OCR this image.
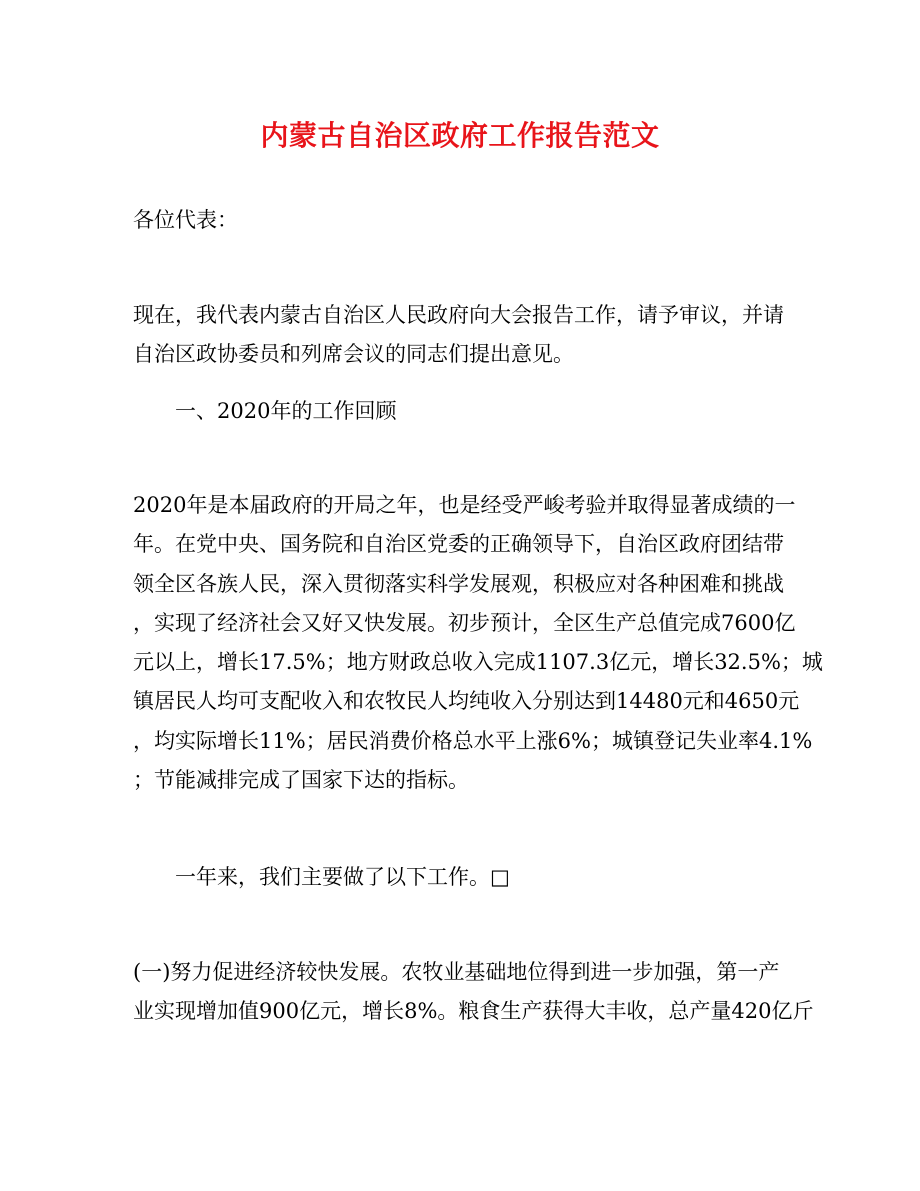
内蒙古自治区政府工作报告范文
各位代表：
现在，我代表内蒙古自治区人民政府向大会报告工作，请予审议，并请
自治区政协委员和列席会议的同志们提出意见。
一、2020年的工作回顾
2020年是本届政府的开局之年，也是经受严峻考验并取得显著成绩的一
年。在党中央、国务院和自治区党委的正确领导下，自治区政府团结带
领全区各族人民，深入贯彻落实科学发展观，积极应对各种困难和挑战
，实现了经济社会又好又快发展。初步预计，全区生产总值完成7600亿
元以上，增长17.5%；地方财政总收入完成1107.3亿元，增长32.5%；城
镇居民人均可支配收入和农牧民人均纯收入分别达到14480元和4650元
，均实际增长11%；居民消费价格总水平上涨6%；城镇登记失业率4.1%
；节能减排完成了国家下达的指标。
一年来，我们主要做了以下工作。□
(一)努力促进经济较快发展。农牧业基础地位得到进一步加强，第一产
业实现增加值900亿元，增长8%。粮食生产获得大丰收，总产量420亿斤
